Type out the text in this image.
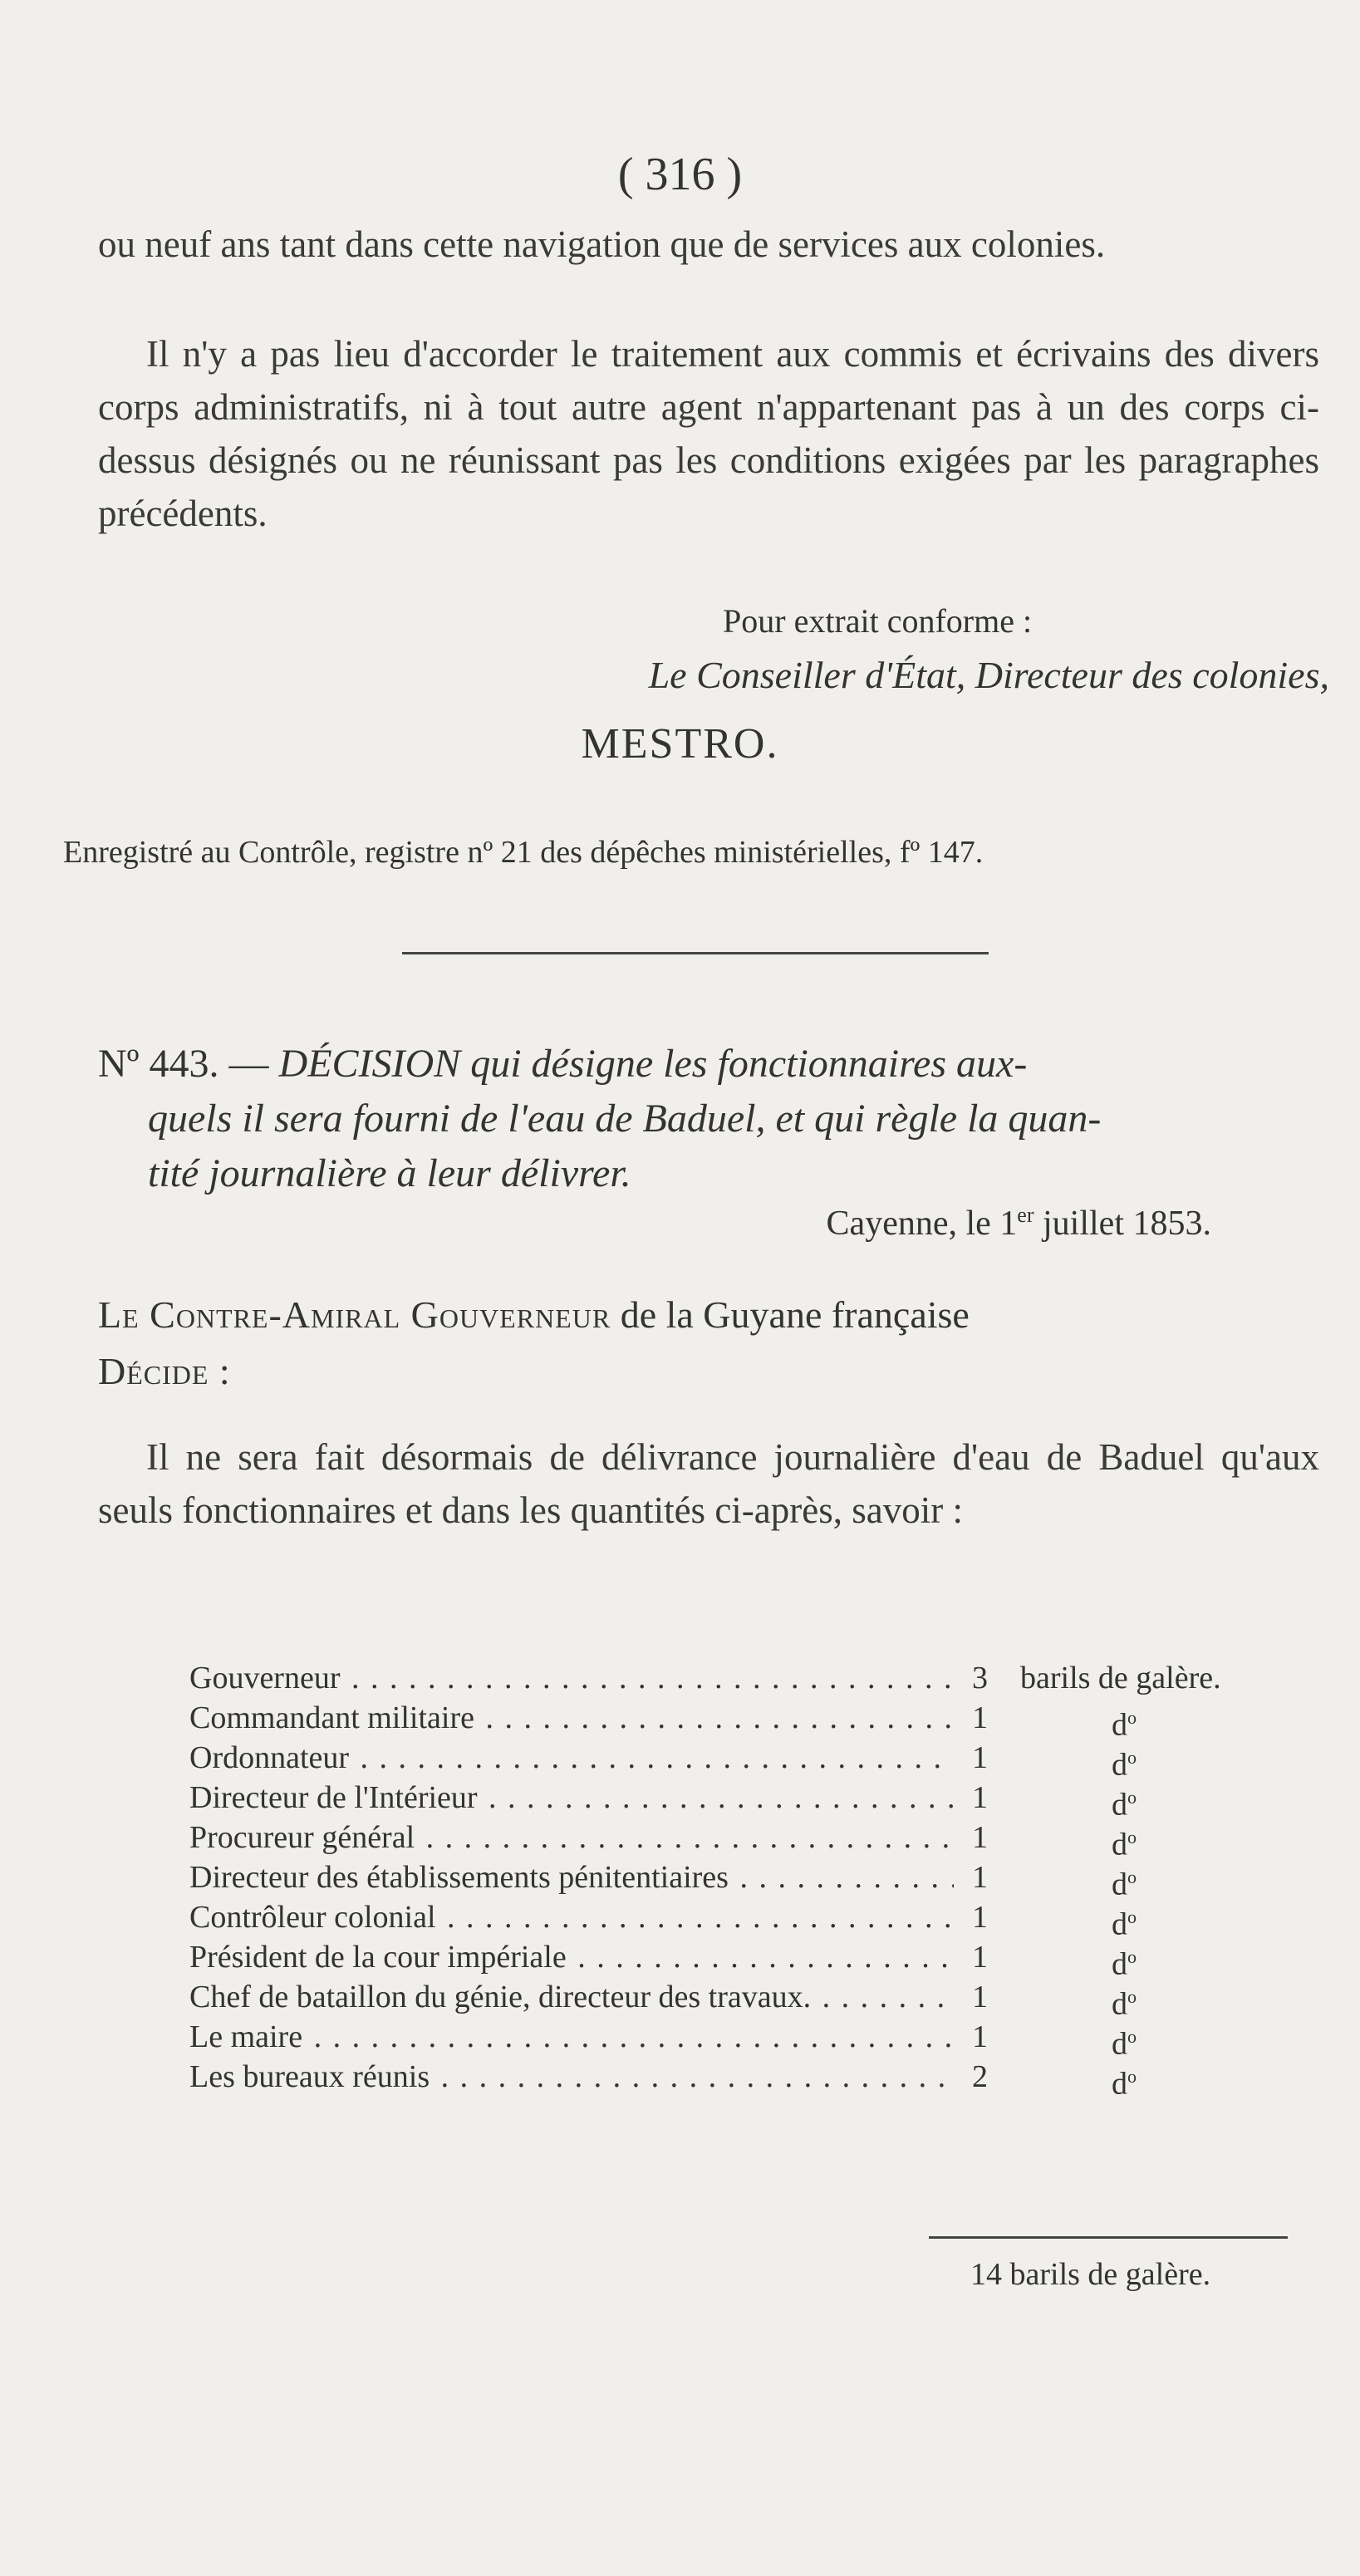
( 316 )
ou neuf ans tant dans cette navigation que de services aux colonies.
Il n'y a pas lieu d'accorder le traitement aux commis et écrivains des divers corps administratifs, ni à tout autre agent n'appartenant pas à un des corps ci-dessus désignés ou ne réunissant pas les conditions exigées par les paragraphes précédents.
Pour extrait conforme :
Le Conseiller d'État, Directeur des colonies,
MESTRO.
Enregistré au Contrôle, registre nº 21 des dépêches ministérielles, fº 147.
Nº 443. — DÉCISION qui désigne les fonctionnaires aux-
quels il sera fourni de l'eau de Baduel, et qui règle la quan-
tité journalière à leur délivrer.
Cayenne, le 1er juillet 1853.
Le Contre-Amiral Gouverneur de la Guyane française
Décide :
Il ne sera fait désormais de délivrance journalière d'eau de Baduel qu'aux seuls fonctionnaires et dans les quantités ci-après, savoir :
Gouverneur . . .	3	barils de galère.
Commandant militaire . . .	1	$d^o$
Ordonnateur . . .	1	$d^o$
Directeur de l'Intérieur . . .	1	$d^o$
Procureur général . . .	1	$d^o$
Directeur des établissements pénitentiaires . . .	1	$d^o$
Contrôleur colonial . . .	1	$d^o$
Président de la cour impériale . . .	1	$d^o$
Chef de bataillon du génie, directeur des travaux. . . .	1	$d^o$
Le maire . . .	1	$d^o$
Les bureaux réunis . . .	2	$d^o$
14 barils de galère.
